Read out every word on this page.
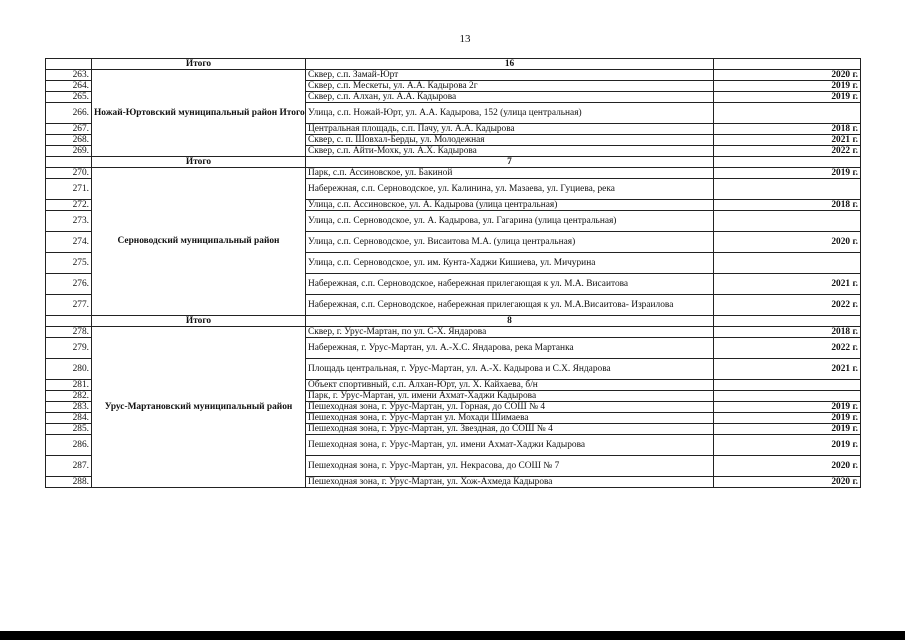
13
	Итого	16	
263.	Ножай-Юртовский муниципальный район Итого	Сквер, с.п. Замай-Юрт	2020 г.
264.		Сквер, с.п. Мескеты, ул. А.А. Кадырова 2г	2019 г.
265.		Сквер, с.п. Алхан, ул. А.А. Кадырова	2019 г.
266.		Улица, с.п. Ножай-Юрт, ул. А.А. Кадырова, 152 (улица центральная)	
267.		Центральная площадь, с.п. Пачу, ул. А.А. Кадырова	2018 г.
268.		Сквер, с. п. Шовхал-Берды, ул. Молодежная	2021 г.
269.		Сквер, с.п. Айти-Мохк, ул. А.Х. Кадырова	2022 г.
	Итого	7	
270.	Серноводский муниципальный район	Парк, с.п. Ассиновское, ул. Бакиной	2019 г.
271.		Набережная, с.п. Серноводское, ул. Калинина, ул. Мазаева, ул. Гуциева, река	
272.		Улица, с.п. Ассиновское, ул. А. Кадырова (улица центральная)	2018 г.
273.		Улица, с.п. Серноводское, ул. А. Кадырова, ул. Гагарина (улица центральная)	
274.		Улица, с.п. Серноводское, ул. Висаитова М.А. (улица центральная)	2020 г.
275.		Улица, с.п. Серноводское, ул. им. Кунта-Хаджи Кишиева, ул. Мичурина	
276.		Набережная, с.п. Серноводское, набережная прилегающая к ул. М.А. Висаитова	2021 г.
277.		Набережная, с.п. Серноводское, набережная прилегающая к ул. М.А.Висаитова- Израилова	2022 г.
	Итого	8	
278.	Урус-Мартановский муниципальный район	Сквер, г. Урус-Мартан, по ул. С-Х. Яндарова	2018 г.
279.		Набережная, г. Урус-Мартан, ул. А.-Х.С. Яндарова, река Мартанка	2022 г.
280.		Площадь центральная, г. Урус-Мартан, ул. А.-Х. Кадырова и С.Х. Яндарова	2021 г.
281.		Объект спортивный, с.п. Алхан-Юрт, ул. Х. Кайхаева, б/н	
282.		Парк, г. Урус-Мартан, ул. имени Ахмат-Хаджи Кадырова	
283.		Пешеходная зона, г. Урус-Мартан, ул. Горная, до СОШ № 4	2019 г.
284.		Пешеходная зона, г. Урус-Мартан ул. Мохади Шимаева	2019 г.
285.		Пешеходная зона, г. Урус-Мартан, ул. Звездная, до СОШ № 4	2019 г.
286.		Пешеходная зона, г. Урус-Мартан, ул. имени Ахмат-Хаджи Кадырова	2019 г.
287.		Пешеходная зона, г. Урус-Мартан, ул. Некрасова, до СОШ № 7	2020 г.
288.		Пешеходная зона, г. Урус-Мартан, ул. Хож-Ахмеда Кадырова	2020 г.
